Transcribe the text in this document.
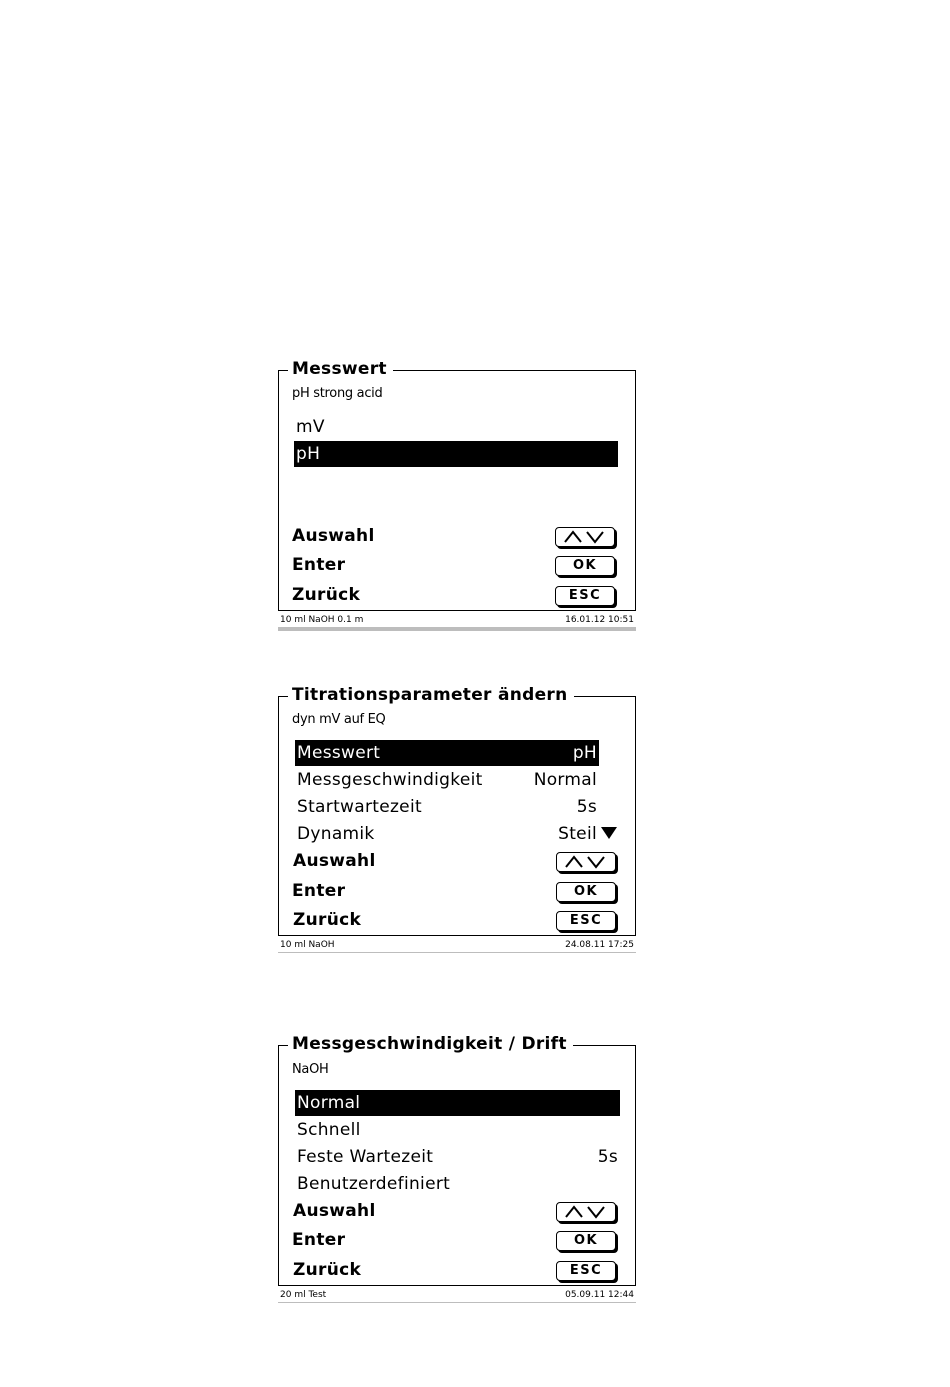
Messwert
pH strong acid
mV
pH
Auswahl
Enter	OK
Zurück	ESC
10 ml NaOH 0.1 m	16.01.12 10:51
Titrationsparameter ändern
dyn mV auf EQ
Messwert	pH
Messgeschwindigkeit	Normal
Startwartezeit	5s
Dynamik	Steil
Auswahl
Enter	OK
Zurück	ESC
10 ml NaOH	24.08.11 17:25
Messgeschwindigkeit / Drift
NaOH
Normal
Schnell
Feste Wartezeit	5s
Benutzerdefiniert
Auswahl
Enter	OK
Zurück	ESC
20 ml Test	05.09.11 12:44
